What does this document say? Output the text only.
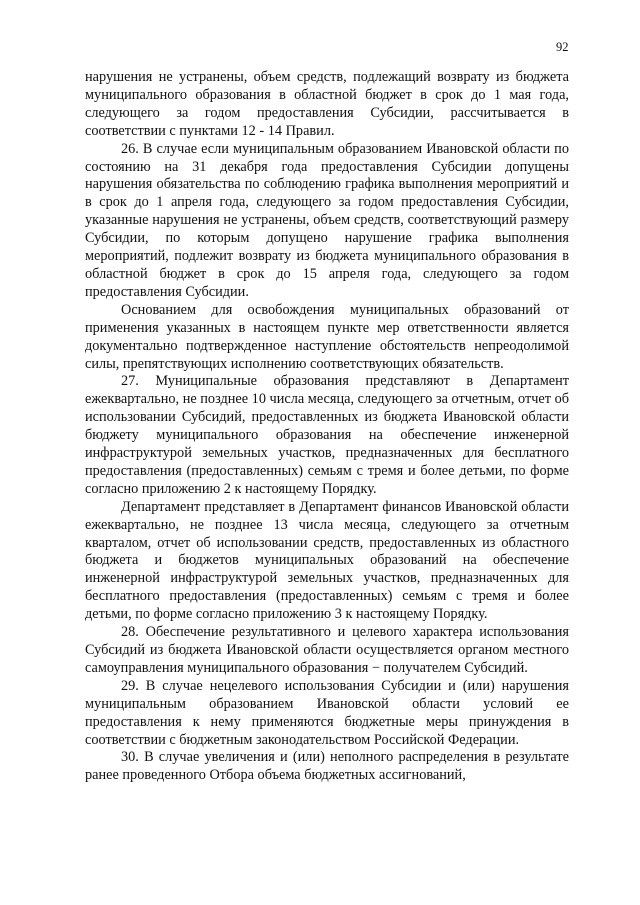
92

нарушения не устранены, объем средств, подлежащий возврату из бюджета муниципального образования в областной бюджет в срок до 1 мая года, следующего за годом предоставления Субсидии, рассчитывается в соответствии с пунктами 12 - 14 Правил.

26. В случае если муниципальным образованием Ивановской области по состоянию на 31 декабря года предоставления Субсидии допущены нарушения обязательства по соблюдению графика выполнения мероприятий и в срок до 1 апреля года, следующего за годом предоставления Субсидии, указанные нарушения не устранены, объем средств, соответствующий размеру Субсидии, по которым допущено нарушение графика выполнения мероприятий, подлежит возврату из бюджета муниципального образования в областной бюджет в срок до 15 апреля года, следующего за годом предоставления Субсидии.

Основанием для освобождения муниципальных образований от применения указанных в настоящем пункте мер ответственности является документально подтвержденное наступление обстоятельств непреодолимой силы, препятствующих исполнению соответствующих обязательств.

27. Муниципальные образования представляют в Департамент ежеквартально, не позднее 10 числа месяца, следующего за отчетным, отчет об использовании Субсидий, предоставленных из бюджета Ивановской области бюджету муниципального образования на обеспечение инженерной инфраструктурой земельных участков, предназначенных для бесплатного предоставления (предоставленных) семьям с тремя и более детьми, по форме согласно приложению 2 к настоящему Порядку.

Департамент представляет в Департамент финансов Ивановской области ежеквартально, не позднее 13 числа месяца, следующего за отчетным кварталом, отчет об использовании средств, предоставленных из областного бюджета и бюджетов муниципальных образований на обеспечение инженерной инфраструктурой земельных участков, предназначенных для бесплатного предоставления (предоставленных) семьям с тремя и более детьми, по форме согласно приложению 3 к настоящему Порядку.

28. Обеспечение результативного и целевого характера использования Субсидий из бюджета Ивановской области осуществляется органом местного самоуправления муниципального образования − получателем Субсидий.

29. В случае нецелевого использования Субсидии и (или) нарушения муниципальным образованием Ивановской области условий ее предоставления к нему применяются бюджетные меры принуждения в соответствии с бюджетным законодательством Российской Федерации.

30. В случае увеличения и (или) неполного распределения в результате ранее проведенного Отбора объема бюджетных ассигнований,
